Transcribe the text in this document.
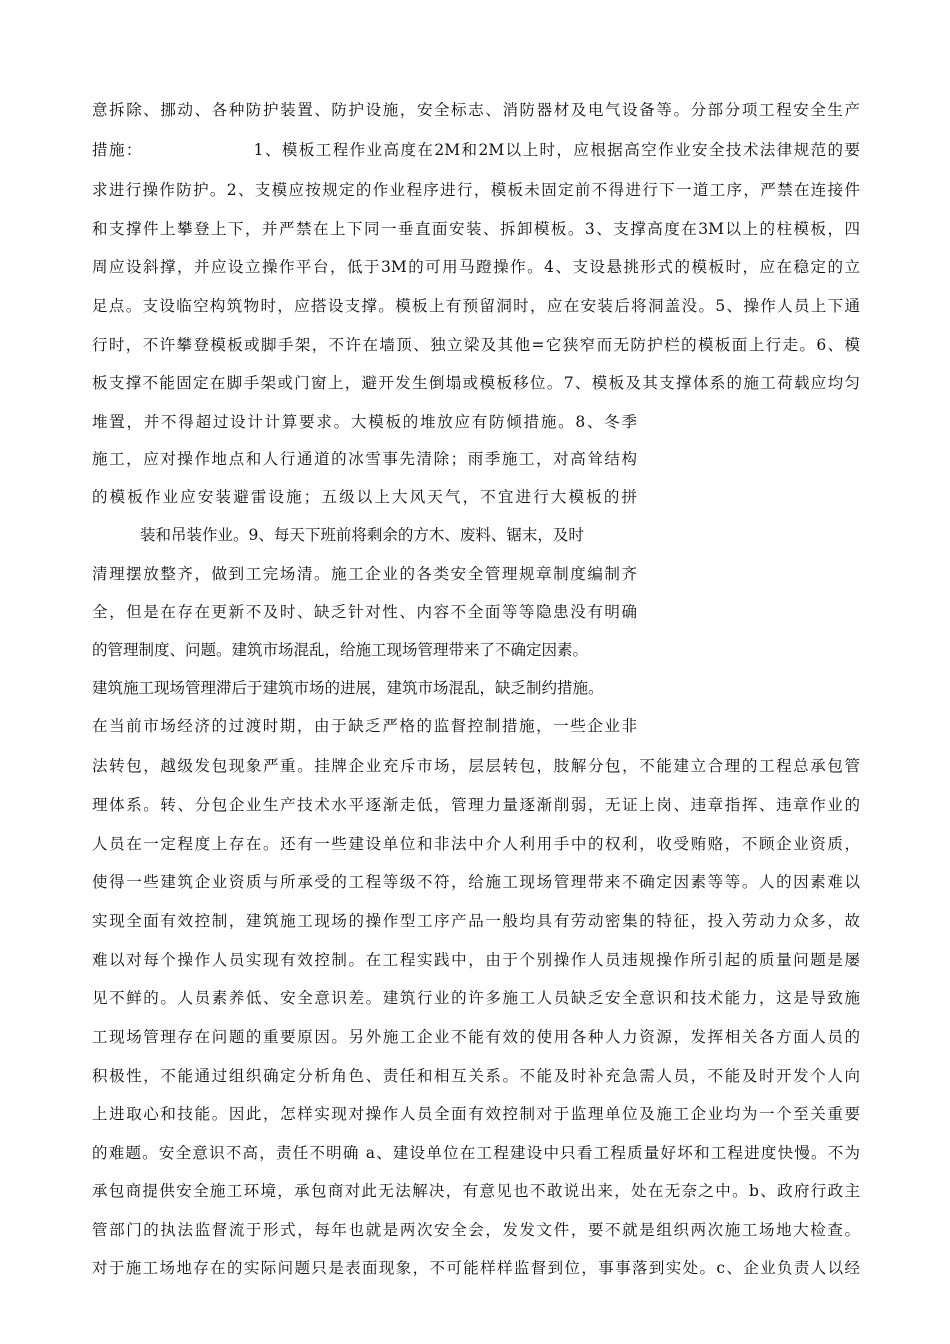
意拆除、挪动、各种防护装置、防护设施，安全标志、消防器材及电气设备等。分部分项工程安全生产
措施：　　　　　　　1、模板工程作业高度在2M和2M以上时，应根据高空作业安全技术法律规范的要
求进行操作防护。2、支模应按规定的作业程序进行，模板未固定前不得进行下一道工序，严禁在连接件
和支撑件上攀登上下，并严禁在上下同一垂直面安装、拆卸模板。3、支撑高度在3M以上的柱模板，四
周应设斜撑，并应设立操作平台，低于3M的可用马蹬操作。4、支设悬挑形式的模板时，应在稳定的立
足点。支设临空构筑物时，应搭设支撑。模板上有预留洞时，应在安装后将洞盖没。5、操作人员上下通
行时，不许攀登模板或脚手架，不许在墙顶、独立梁及其他=它狭窄而无防护栏的模板面上行走。6、模
板支撑不能固定在脚手架或门窗上，避开发生倒塌或模板移位。7、模板及其支撑体系的施工荷载应均匀
堆置，并不得超过设计计算要求。大模板的堆放应有防倾措施。8、冬季
施工，应对操作地点和人行通道的冰雪事先清除；雨季施工，对高耸结构
的模板作业应安装避雷设施；五级以上大风天气，不宜进行大模板的拼
装和吊装作业。9、每天下班前将剩余的方木、废料、锯末，及时
清理摆放整齐，做到工完场清。施工企业的各类安全管理规章制度编制齐
全，但是在存在更新不及时、缺乏针对性、内容不全面等等隐患没有明确
的管理制度、问题。建筑市场混乱，给施工现场管理带来了不确定因素。
建筑施工现场管理滞后于建筑市场的进展，建筑市场混乱，缺乏制约措施。
在当前市场经济的过渡时期，由于缺乏严格的监督控制措施，一些企业非
法转包，越级发包现象严重。挂牌企业充斥市场，层层转包，肢解分包，不能建立合理的工程总承包管
理体系。转、分包企业生产技术水平逐渐走低，管理力量逐渐削弱，无证上岗、违章指挥、违章作业的
人员在一定程度上存在。还有一些建设单位和非法中介人利用手中的权利，收受贿赂，不顾企业资质，
使得一些建筑企业资质与所承受的工程等级不符，给施工现场管理带来不确定因素等等。人的因素难以
实现全面有效控制，建筑施工现场的操作型工序产品一般均具有劳动密集的特征，投入劳动力众多，故
难以对每个操作人员实现有效控制。在工程实践中，由于个别操作人员违规操作所引起的质量问题是屡
见不鲜的。人员素养低、安全意识差。建筑行业的许多施工人员缺乏安全意识和技术能力，这是导致施
工现场管理存在问题的重要原因。另外施工企业不能有效的使用各种人力资源，发挥相关各方面人员的
积极性，不能通过组织确定分析角色、责任和相互关系。不能及时补充急需人员，不能及时开发个人向
上进取心和技能。因此，怎样实现对操作人员全面有效控制对于监理单位及施工企业均为一个至关重要
的难题。安全意识不高，责任不明确 a、建设单位在工程建设中只看工程质量好坏和工程进度快慢。不为
承包商提供安全施工环境，承包商对此无法解决，有意见也不敢说出来，处在无奈之中。b、政府行政主
管部门的执法监督流于形式，每年也就是两次安全会，发发文件，要不就是组织两次施工场地大检查。
对于施工场地存在的实际问题只是表面现象，不可能样样监督到位，事事落到实处。c、企业负责人以经
